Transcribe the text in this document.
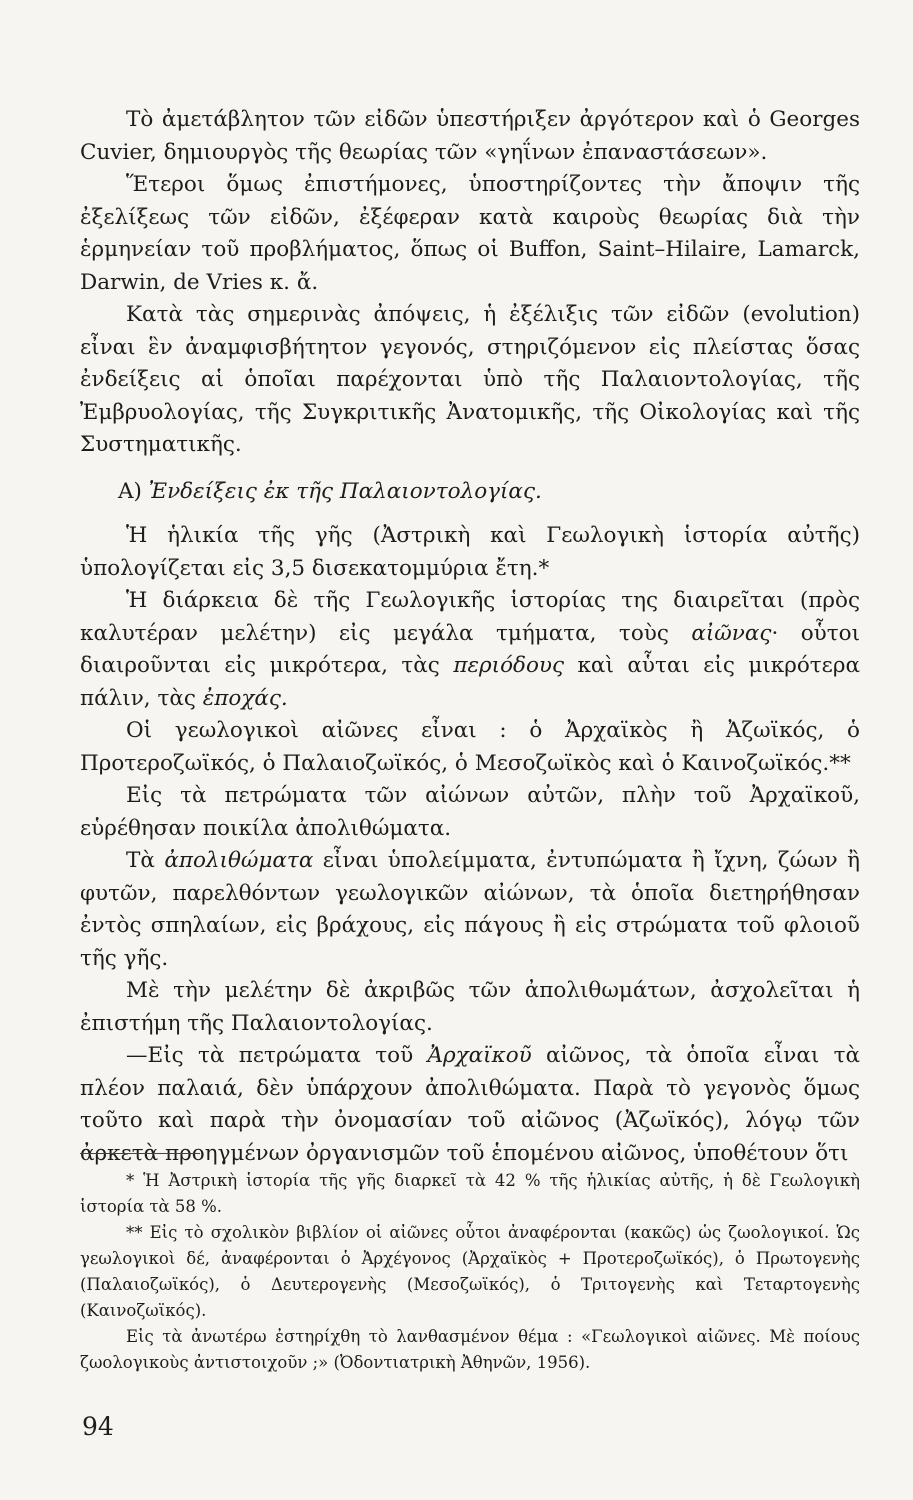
Τὸ ἀμετάβλητον τῶν εἰδῶν ὑπεστήριξεν ἀργότερον καὶ ὁ Georges Cuvier, δημιουργὸς τῆς θεωρίας τῶν «γηΐνων ἐπαναστάσεων».

Ἕτεροι ὅμως ἐπιστήμονες, ὑποστηρίζοντες τὴν ἄποψιν τῆς ἐξελίξεως τῶν εἰδῶν, ἐξέφεραν κατὰ καιροὺς θεωρίας διὰ τὴν ἑρμηνείαν τοῦ προβλήματος, ὅπως οἱ Buffon, Saint–Hilaire, Lamarck, Darwin, de Vries κ. ἄ.

Κατὰ τὰς σημερινὰς ἀπόψεις, ἡ ἐξέλιξις τῶν εἰδῶν (evolution) εἶναι ἓν ἀναμφισβήτητον γεγονός, στηριζόμενον εἰς πλείστας ὅσας ἐνδείξεις αἱ ὁποῖαι παρέχονται ὑπὸ τῆς Παλαιοντολογίας, τῆς Ἐμβρυολογίας, τῆς Συγκριτικῆς Ἀνατομικῆς, τῆς Οἰκολογίας καὶ τῆς Συστηματικῆς.

Α) Ἐνδείξεις ἐκ τῆς Παλαιοντολογίας.

Ἡ ἡλικία τῆς γῆς (Ἀστρικὴ καὶ Γεωλογικὴ ἱστορία αὐτῆς) ὑπολογίζεται εἰς 3,5 δισεκατομμύρια ἔτη.*

Ἡ διάρκεια δὲ τῆς Γεωλογικῆς ἱστορίας της διαιρεῖται (πρὸς καλυτέραν μελέτην) εἰς μεγάλα τμήματα, τοὺς αἰῶνας· οὗτοι διαιροῦνται εἰς μικρότερα, τὰς περιόδους καὶ αὗται εἰς μικρότερα πάλιν, τὰς ἐποχάς.

Οἱ γεωλογικοὶ αἰῶνες εἶναι : ὁ Ἀρχαϊκὸς ἢ Ἀζωϊκός, ὁ Προτεροζωϊκός, ὁ Παλαιοζωϊκός, ὁ Μεσοζωϊκὸς καὶ ὁ Καινοζωϊκός.**

Εἰς τὰ πετρώματα τῶν αἰώνων αὐτῶν, πλὴν τοῦ Ἀρχαϊκοῦ, εὑρέθησαν ποικίλα ἀπολιθώματα.

Τὰ ἀπολιθώματα εἶναι ὑπολείμματα, ἐντυπώματα ἢ ἴχνη, ζώων ἢ φυτῶν, παρελθόντων γεωλογικῶν αἰώνων, τὰ ὁποῖα διετηρήθησαν ἐντὸς σπηλαίων, εἰς βράχους, εἰς πάγους ἢ εἰς στρώματα τοῦ φλοιοῦ τῆς γῆς.

Μὲ τὴν μελέτην δὲ ἀκριβῶς τῶν ἀπολιθωμάτων, ἀσχολεῖται ἡ ἐπιστήμη τῆς Παλαιοντολογίας.

—Εἰς τὰ πετρώματα τοῦ Ἀρχαϊκοῦ αἰῶνος, τὰ ὁποῖα εἶναι τὰ πλέον παλαιά, δὲν ὑπάρχουν ἀπολιθώματα. Παρὰ τὸ γεγονὸς ὅμως τοῦτο καὶ παρὰ τὴν ὀνομασίαν τοῦ αἰῶνος (Ἀζωϊκός), λόγῳ τῶν ἀρκετὰ προηγμένων ὀργανισμῶν τοῦ ἑπομένου αἰῶνος, ὑποθέτουν ὅτι

* Ἡ Ἀστρικὴ ἱστορία τῆς γῆς διαρκεῖ τὰ 42 % τῆς ἡλικίας αὐτῆς, ἡ δὲ Γεωλογικὴ ἱστορία τὰ 58 %.

** Εἰς τὸ σχολικὸν βιβλίον οἱ αἰῶνες οὗτοι ἀναφέρονται (κακῶς) ὡς ζωολογικοί. Ὡς γεωλογικοὶ δέ, ἀναφέρονται ὁ Ἀρχέγονος (Ἀρχαϊκὸς + Προτεροζωϊκός), ὁ Πρωτογενὴς (Παλαιοζωϊκός), ὁ Δευτερογενὴς (Μεσοζωϊκός), ὁ Τριτογενὴς καὶ Τεταρτογενὴς (Καινοζωϊκός).

Εἰς τὰ ἀνωτέρω ἐστηρίχθη τὸ λανθασμένον θέμα : «Γεωλογικοὶ αἰῶνες. Μὲ ποίους ζωολογικοὺς ἀντιστοιχοῦν ;» (Ὀδοντιατρικὴ Ἀθηνῶν, 1956).

94
